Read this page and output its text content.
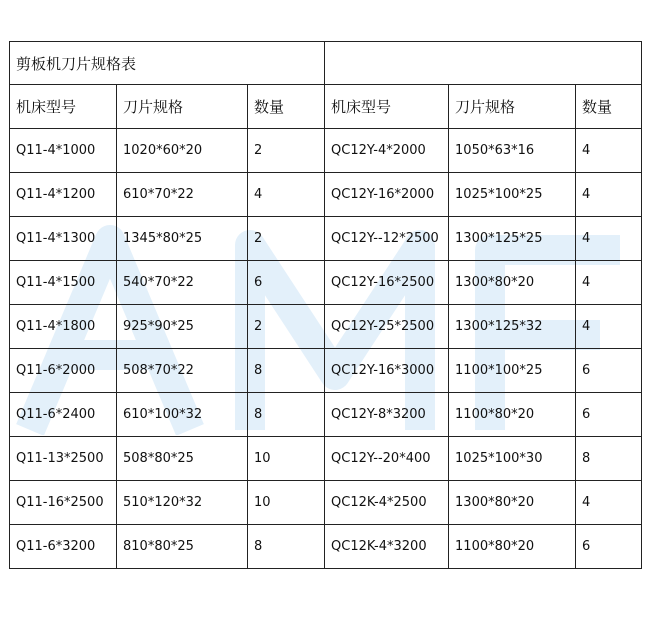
剪板机刀片规格表					
机床型号	刀片规格	数量	机床型号	刀片规格	数量
Q11-4*1000	1020*60*20	2	QC12Y-4*2000	1050*63*16	4
Q11-4*1200	610*70*22	4	QC12Y-16*2000	1025*100*25	4
Q11-4*1300	1345*80*25	2	QC12Y--12*2500	1300*125*25	4
Q11-4*1500	540*70*22	6	QC12Y-16*2500	1300*80*20	4
Q11-4*1800	925*90*25	2	QC12Y-25*2500	1300*125*32	4
Q11-6*2000	508*70*22	8	QC12Y-16*3000	1100*100*25	6
Q11-6*2400	610*100*32	8	QC12Y-8*3200	1100*80*20	6
Q11-13*2500	508*80*25	10	QC12Y--20*400	1025*100*30	8
Q11-16*2500	510*120*32	10	QC12K-4*2500	1300*80*20	4
Q11-6*3200	810*80*25	8	QC12K-4*3200	1100*80*20	6
